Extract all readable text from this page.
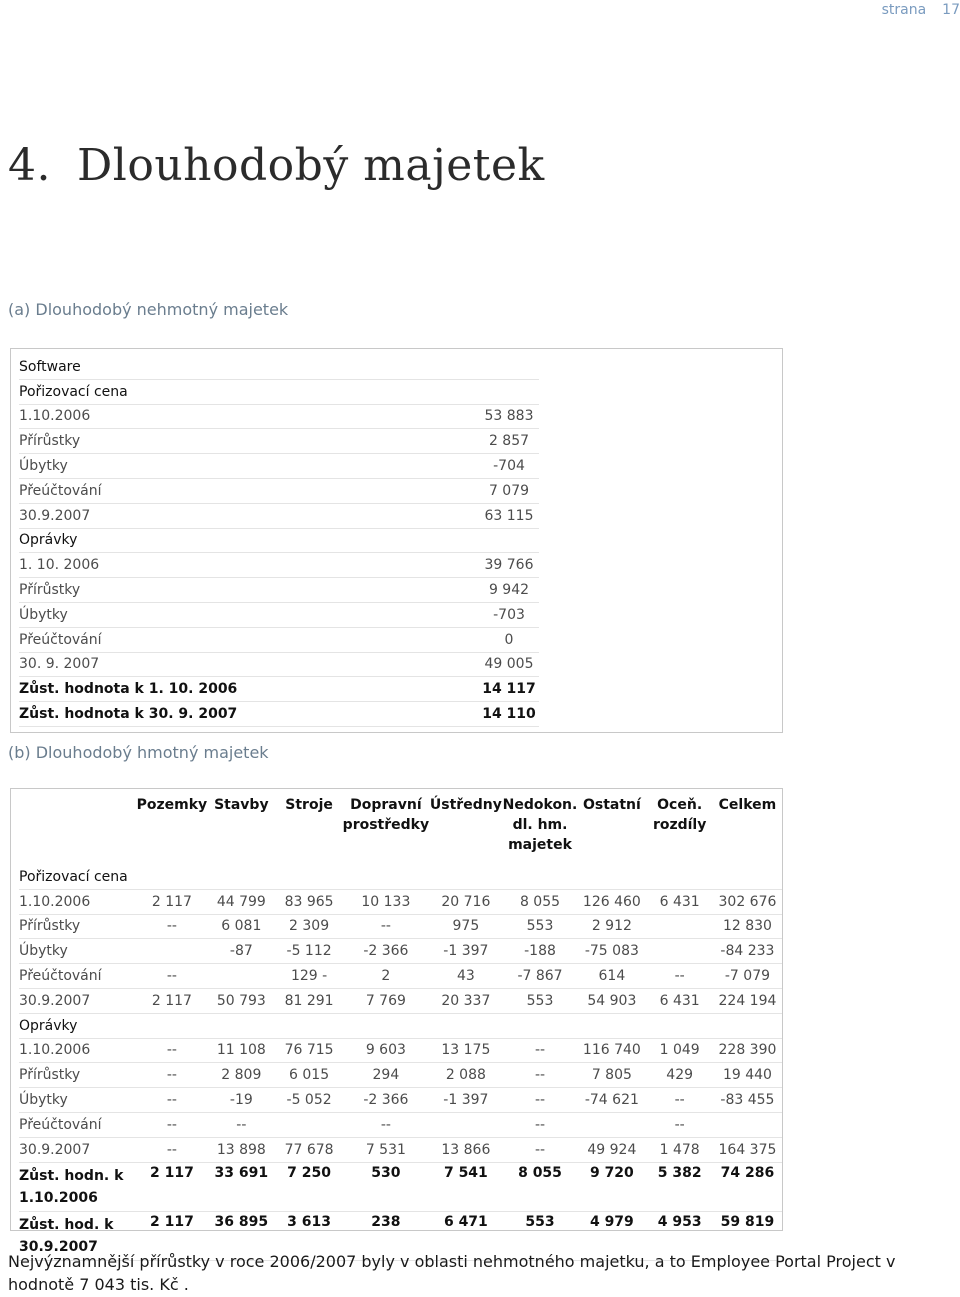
strana 17
4. Dlouhodobý majetek
(a) Dlouhodobý nehmotný majetek
Software	
Pořizovací cena	
1.10.2006	53 883
Přírůstky	2 857
Úbytky	-704
Přeúčtování	7 079
30.9.2007	63 115
Oprávky	
1. 10. 2006	39 766
Přírůstky	9 942
Úbytky	-703
Přeúčtování	0
30. 9. 2007	49 005
Zůst. hodnota k 1. 10. 2006	14 117
Zůst. hodnota k 30. 9. 2007	14 110
(b) Dlouhodobý hmotný majetek
	Pozemky	Stavby	Stroje	Dopravní prostředky	Ústředny	Nedokon. dl. hm. majetek	Ostatní	Oceň. rozdíly	Celkem
Pořizovací cena									
1.10.2006	2 117	44 799	83 965	10 133	20 716	8 055	126 460	6 431	302 676
Přírůstky	--	6 081	2 309	--	975	553	2 912		12 830
Úbytky		-87	-5 112	-2 366	-1 397	-188	-75 083		-84 233
Přeúčtování	--		129 -	2	43	-7 867	614	--	-7 079
30.9.2007	2 117	50 793	81 291	7 769	20 337	553	54 903	6 431	224 194
Oprávky									
1.10.2006	--	11 108	76 715	9 603	13 175	--	116 740	1 049	228 390
Přírůstky	--	2 809	6 015	294	2 088	--	7 805	429	19 440
Úbytky	--	-19	-5 052	-2 366	-1 397	--	-74 621	--	-83 455
Přeúčtování	--	--		--		--		--	
30.9.2007	--	13 898	77 678	7 531	13 866	--	49 924	1 478	164 375
Zůst. hodn. k 1.10.2006	2 117	33 691	7 250	530	7 541	8 055	9 720	5 382	74 286
Zůst. hod. k 30.9.2007	2 117	36 895	3 613	238	6 471	553	4 979	4 953	59 819

Nejvýznamnější přírůstky v roce 2006/2007 byly v oblasti nehmotného majetku, a to Employee Portal Project v hodnotě 7 043 tis. Kč .
